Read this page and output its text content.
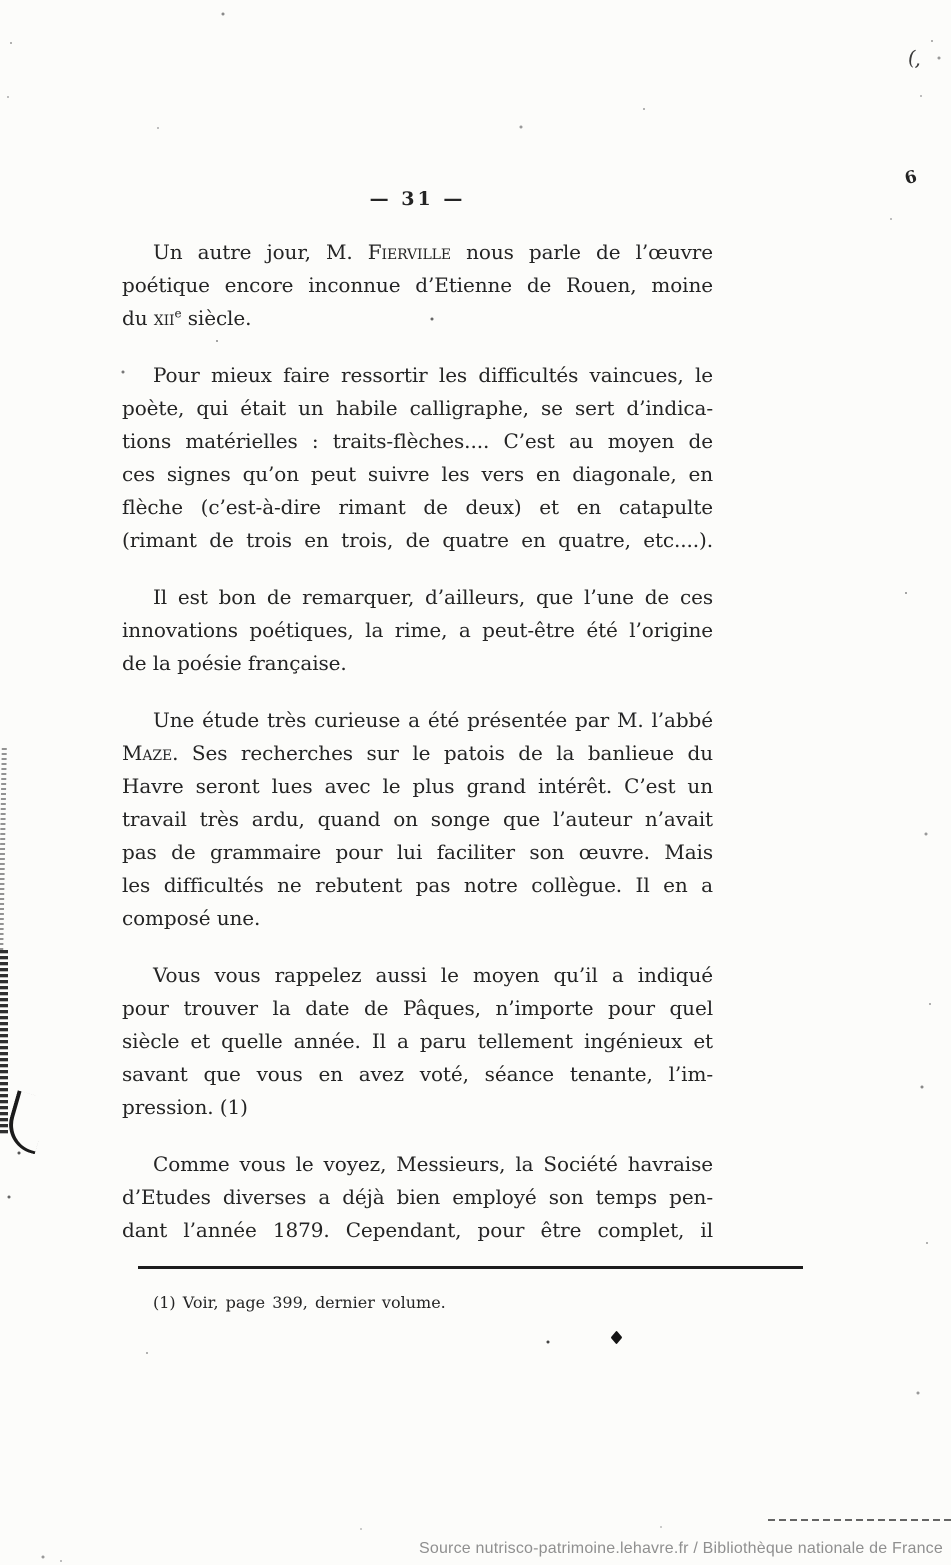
— 31 —
Un autre jour, M. Fierville nous parle de l’œuvre
poétique encore inconnue d’Etienne de Rouen, moine
du xii$^e$ siècle.
Pour mieux faire ressortir les difficultés vaincues, le
poète, qui était un habile calligraphe, se sert d’indica-
tions matérielles : traits-flèches.... C’est au moyen de
ces signes qu’on peut suivre les vers en diagonale, en
flèche (c’est-à-dire rimant de deux) et en catapulte
(rimant de trois en trois, de quatre en quatre, etc....).
Il est bon de remarquer, d’ailleurs, que l’une de ces
innovations poétiques, la rime, a peut-être été l’origine
de la poésie française.
Une étude très curieuse a été présentée par M. l’abbé
Maze. Ses recherches sur le patois de la banlieue du
Havre seront lues avec le plus grand intérêt. C’est un
travail très ardu, quand on songe que l’auteur n’avait
pas de grammaire pour lui faciliter son œuvre. Mais
les difficultés ne rebutent pas notre collègue. Il en a
composé une.
Vous vous rappelez aussi le moyen qu’il a indiqué
pour trouver la date de Pâques, n’importe pour quel
siècle et quelle année. Il a paru tellement ingénieux et
savant que vous en avez voté, séance tenante, l’im-
pression. (1)
Comme vous le voyez, Messieurs, la Société havraise
d’Etudes diverses a déjà bien employé son temps pen-
dant l’année 1879. Cependant, pour être complet, il
(1) Voir, page 399, dernier volume.
(,
6
Source nutrisco-patrimoine.lehavre.fr / Bibliothèque nationale de France
